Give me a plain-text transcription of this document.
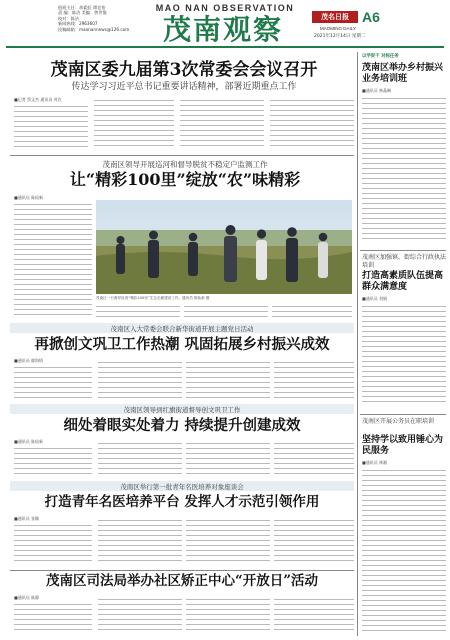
值班主任：余素虹 谭宜怡
责 编：陈洁 美编：曾世俊
校对：陈洁
新闻热线：2963607
投稿邮箱：maonannews@126.com
MAO NAN OBSERVATION
茂南观察	茂名日报 A6
MAOMING DAILY
2021年12月14日 星期二
茂南区委九届第3次常委会会议召开
传达学习习近平总书记重要讲话精神，部署近期重点工作
■记者 蔡文杰 通讯员 茂宣
茂南区领导开展巡河和督导脱贫不稳定户监测工作
让“精彩100里”绽放“农”味精彩
■通讯员 陈仙新
茂南区一行督导检查“精彩100里”生态走廊建设工作。通讯员 陈仙新 摄
茂南区入大常委会联合新华街道开展主题党日活动
再掀创文巩卫工作热潮 巩固拓展乡村振兴成效
■通讯员 廖海情
茂南区领导到红旗街道督导创文巩卫工作
细处着眼实处着力 持续提升创建成效
■通讯员 陈仙新
茂南区举行第一批青年名医培养对象座谈会
打造青年名医培养平台 发挥人才示范引领作用
■通讯员 张颖
茂南区司法局举办社区矫正中心“开放日”活动
■通讯员 陈静
以学促干 对标任务
茂南区举办乡村振兴业务培训班
■通讯员 林晶琳
茂南区加强镇、街综合行政执法培训
打造高素质队伍提高群众满意度
■通讯员 刘娟
茂南区开展公务员在职培训
坚持学以致用锤心为民服务
■通讯员 林湘
